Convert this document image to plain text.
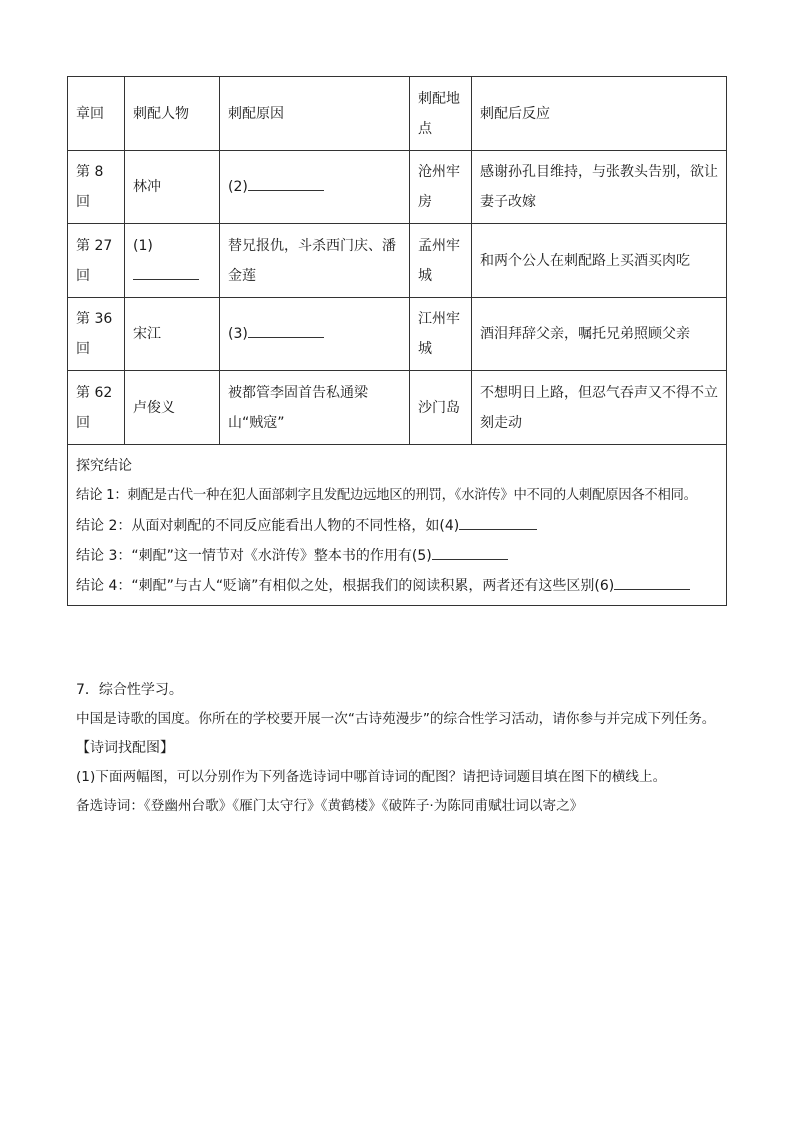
章回	刺配人物	刺配原因	刺配地点	刺配后反应
第 8 回	林冲	(2)	沧州牢房	感谢孙孔目维持，与张教头告别，欲让妻子改嫁
第 27 回	(1)	替兄报仇，斗杀西门庆、潘金莲	孟州牢城	和两个公人在刺配路上买酒买肉吃
第 36 回	宋江	(3)	江州牢城	酒泪拜辞父亲，嘱托兄弟照顾父亲
第 62 回	卢俊义	被都管李固首告私通梁山“贼寇”	沙门岛	不想明日上路，但忍气吞声又不得不立刻走动

探究结论
结论 1：刺配是古代一种在犯人面部刺字且发配边远地区的刑罚，《水浒传》中不同的人刺配原因各不相同。
结论 2：从面对刺配的不同反应能看出人物的不同性格，如(4)
结论 3：“刺配”这一情节对《水浒传》整本书的作用有(5)
结论 4：“刺配”与古人“贬谪”有相似之处，根据我们的阅读积累，两者还有这些区别(6)				

7．综合性学习。

中国是诗歌的国度。你所在的学校要开展一次“古诗苑漫步”的综合性学习活动，请你参与并完成下列任务。

【诗词找配图】

(1)下面两幅图，可以分别作为下列备选诗词中哪首诗词的配图？请把诗词题目填在图下的横线上。

备选诗词：《登幽州台歌》《雁门太守行》《黄鹤楼》《破阵子·为陈同甫赋壮词以寄之》
